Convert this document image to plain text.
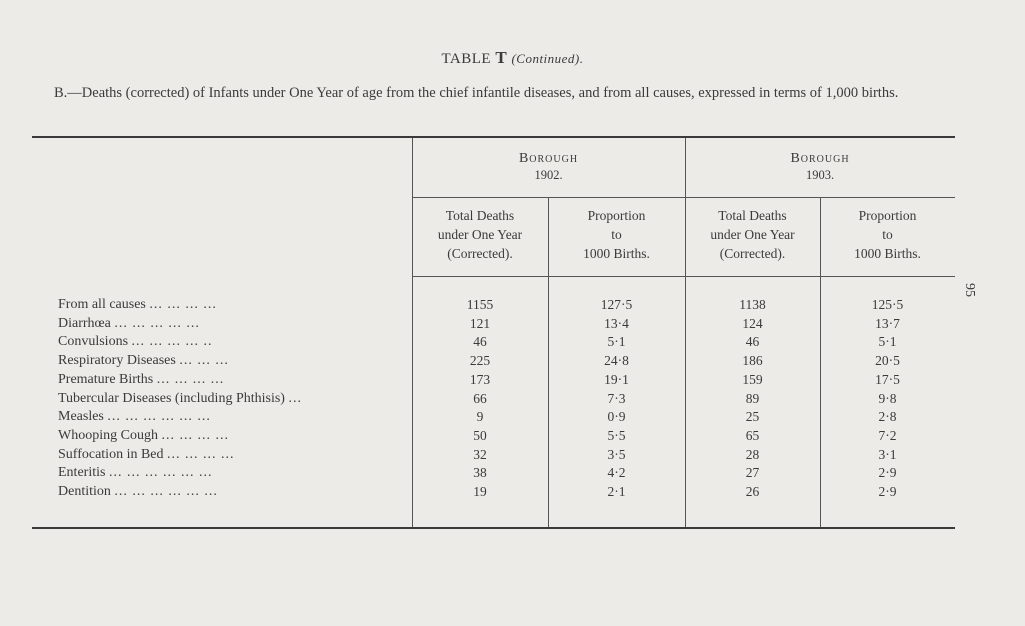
TABLE T (Continued).
B.—Deaths (corrected) of Infants under One Year of age from the chief infantile diseases, and from all causes, expressed in terms of 1,000 births.
Borough
1902.
Borough
1903.
Total Deaths
under One Year
(Corrected).
Proportion
to
1000 Births.
Total Deaths
under One Year
(Corrected).
Proportion
to
1000 Births.
From all causes ... ... ... ...	1155	127·5	1138	125·5
Diarrhœa ... ... ... ... ...	121	13·4	124	13·7
Convulsions ... ... ... ... ..	46	5·1	46	5·1
Respiratory Diseases ... ... ...	225	24·8	186	20·5
Premature Births ... ... ... ...	173	19·1	159	17·5
Tubercular Diseases (including Phthisis) ...	66	7·3	89	9·8
Measles ... ... ... ... ... ...	9	0·9	25	2·8
Whooping Cough ... ... ... ...	50	5·5	65	7·2
Suffocation in Bed ... ... ... ...	32	3·5	28	3·1
Enteritis ... ... ... ... ... ...	38	4·2	27	2·9
Dentition ... ... ... ... ... ...	19	2·1	26	2·9
95
